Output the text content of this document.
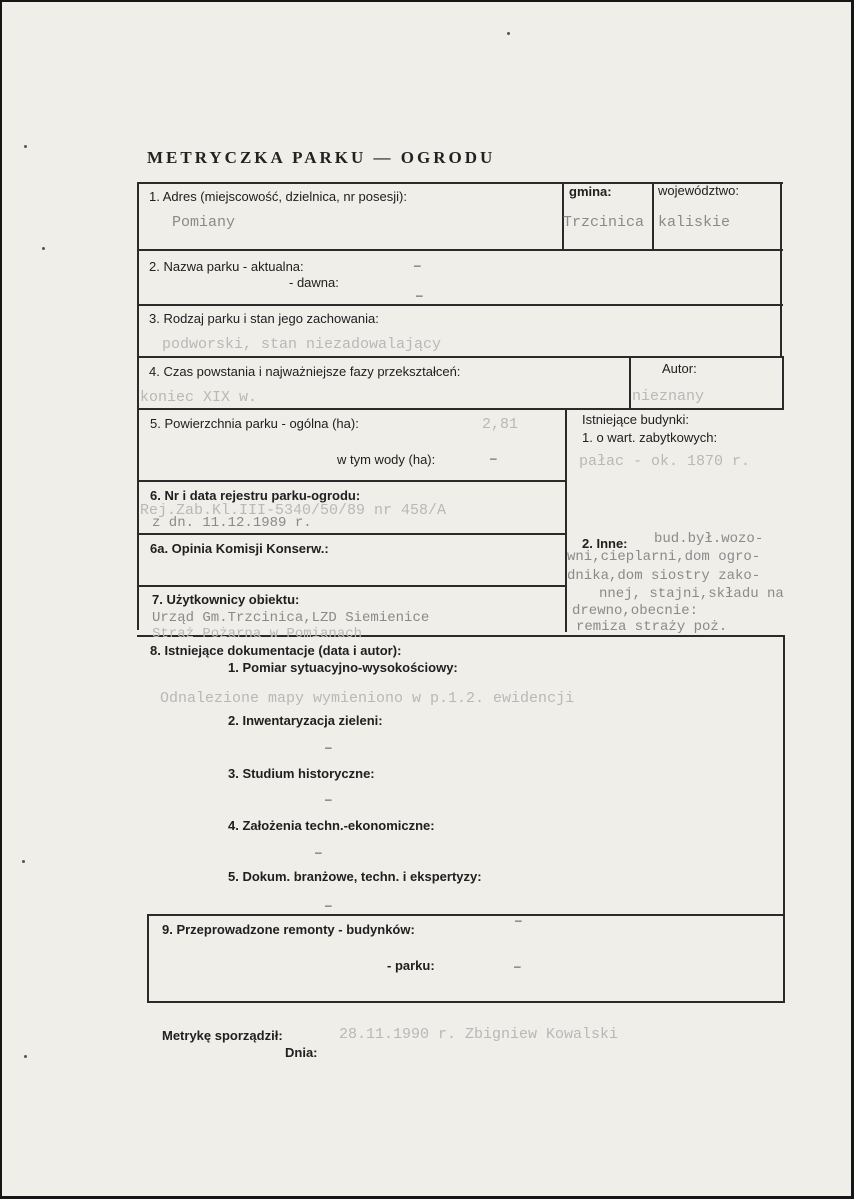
METRYCZKA PARKU — OGRODU
1. Adres (miejscowość, dzielnica, nr posesji):
Pomiany
gmina:
Trzcinica
województwo:
kaliskie
2. Nazwa parku - aktualna:	–
- dawna:
–
3. Rodzaj parku i stan jego zachowania:
podworski, stan niezadowalający
4. Czas powstania i najważniejsze fazy przekształceń:
koniec XIX w.
Autor:
nieznany
5. Powierzchnia parku - ogólna (ha):	2,81
w tym wody (ha):	–
Istniejące budynki:
1. o wart. zabytkowych:
pałac - ok. 1870 r.
2. Inne: bud.był.wozo-
wni,cieplarni,dom ogro-
dnika,dom siostry zako-
nnej, stajni,składu na
drewno,obecnie:
remiza straży poż.
6. Nr i data rejestru parku-ogrodu:
Rej.Zab.Kl.III-5340/50/89 nr 458/A
z dn. 11.12.1989 r.
6a. Opinia Komisji Konserw.:
7. Użytkownicy obiektu:
Urząd Gm.Trzcinica,LZD Siemienice
Straż Pożarna w Pomianach
8. Istniejące dokumentacje (data i autor):
1. Pomiar sytuacyjno-wysokościowy:
Odnalezione mapy wymieniono w p.1.2. ewidencji
2. Inwentaryzacja zieleni:
–
3. Studium historyczne:
–
4. Założenia techn.-ekonomiczne:
–
5. Dokum. branżowe, techn. i ekspertyzy:
–
9. Przeprowadzone remonty - budynków:
–
- parku:	–
Metrykę sporządził:	28.11.1990 r. Zbigniew Kowalski
Dnia:
